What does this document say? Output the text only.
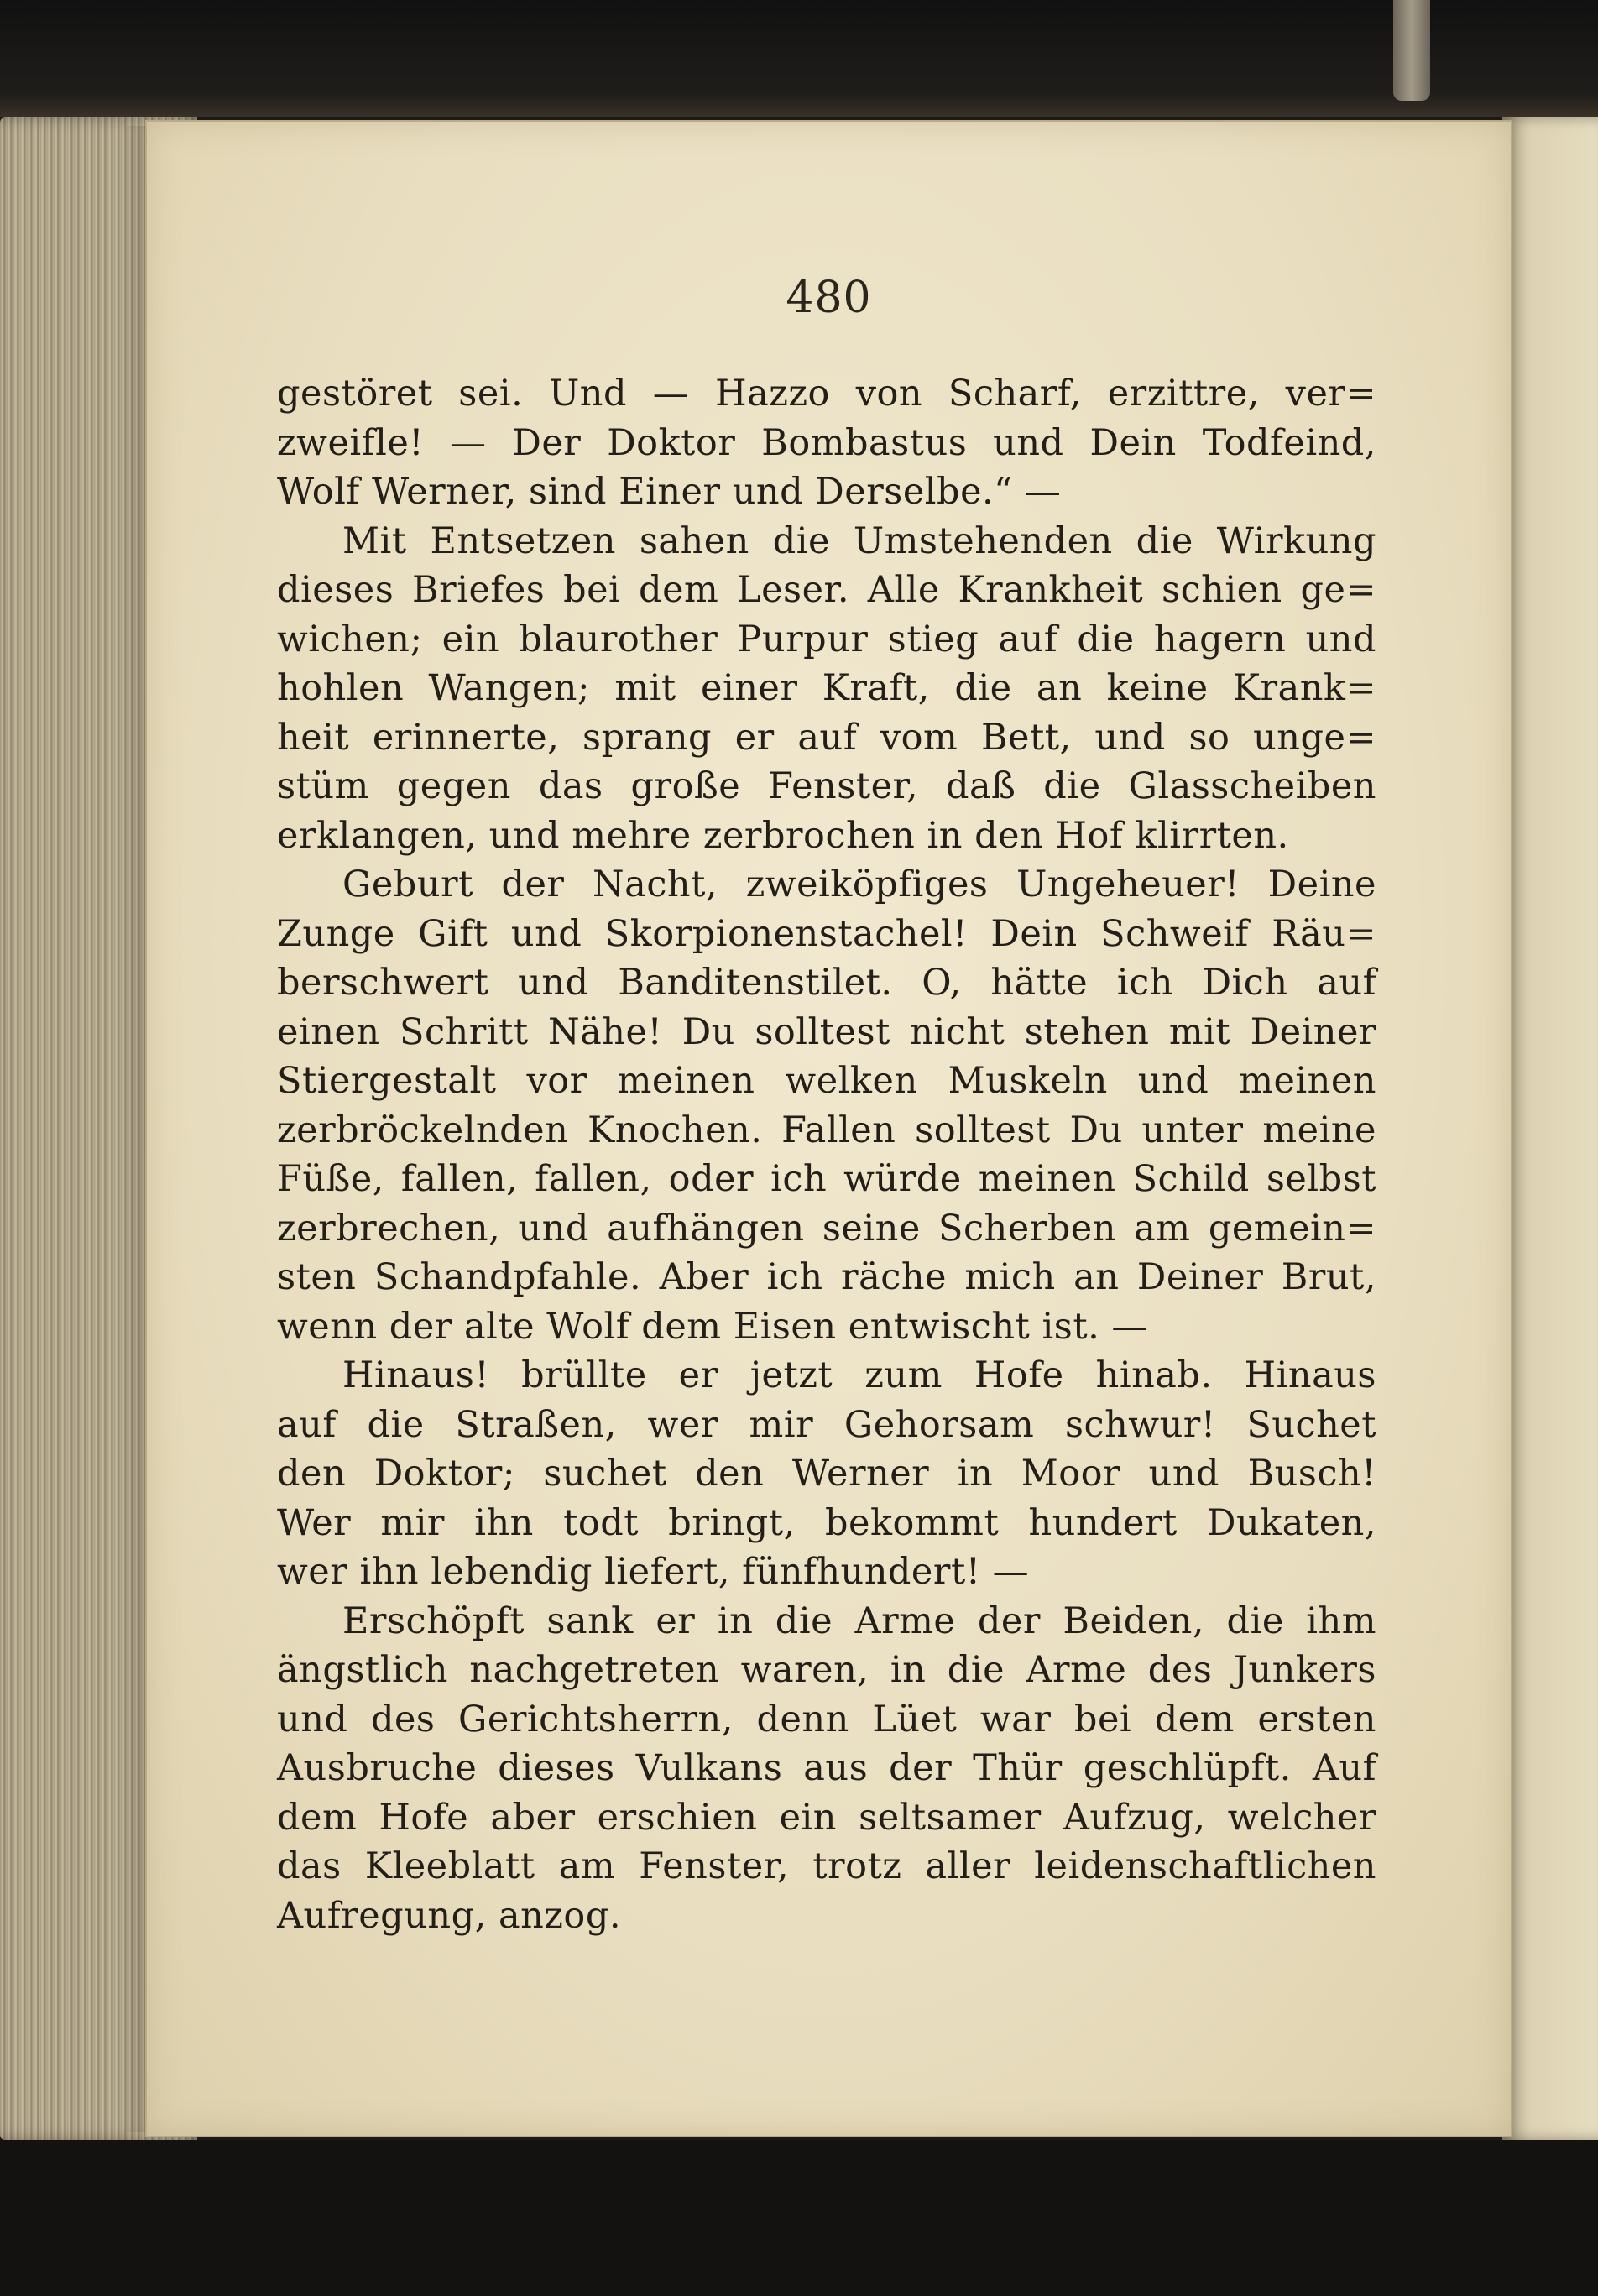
480

gestöret sei. Und — Hazzo von Scharf, erzittre, ver=
zweifle! — Der Doktor Bombastus und Dein Todfeind,
Wolf Werner, sind Einer und Derselbe.“ —
Mit Entsetzen sahen die Umstehenden die Wirkung
dieses Briefes bei dem Leser. Alle Krankheit schien ge=
wichen; ein blaurother Purpur stieg auf die hagern und
hohlen Wangen; mit einer Kraft, die an keine Krank=
heit erinnerte, sprang er auf vom Bett, und so unge=
stüm gegen das große Fenster, daß die Glasscheiben
erklangen, und mehre zerbrochen in den Hof klirrten.
Geburt der Nacht, zweiköpfiges Ungeheuer! Deine
Zunge Gift und Skorpionenstachel! Dein Schweif Räu=
berschwert und Banditenstilet. O, hätte ich Dich auf
einen Schritt Nähe! Du solltest nicht stehen mit Deiner
Stiergestalt vor meinen welken Muskeln und meinen
zerbröckelnden Knochen. Fallen solltest Du unter meine
Füße, fallen, fallen, oder ich würde meinen Schild selbst
zerbrechen, und aufhängen seine Scherben am gemein=
sten Schandpfahle. Aber ich räche mich an Deiner Brut,
wenn der alte Wolf dem Eisen entwischt ist. —
Hinaus! brüllte er jetzt zum Hofe hinab. Hinaus
auf die Straßen, wer mir Gehorsam schwur! Suchet
den Doktor; suchet den Werner in Moor und Busch!
Wer mir ihn todt bringt, bekommt hundert Dukaten,
wer ihn lebendig liefert, fünfhundert! —
Erschöpft sank er in die Arme der Beiden, die ihm
ängstlich nachgetreten waren, in die Arme des Junkers
und des Gerichtsherrn, denn Lüet war bei dem ersten
Ausbruche dieses Vulkans aus der Thür geschlüpft. Auf
dem Hofe aber erschien ein seltsamer Aufzug, welcher
das Kleeblatt am Fenster, trotz aller leidenschaftlichen
Aufregung, anzog.
